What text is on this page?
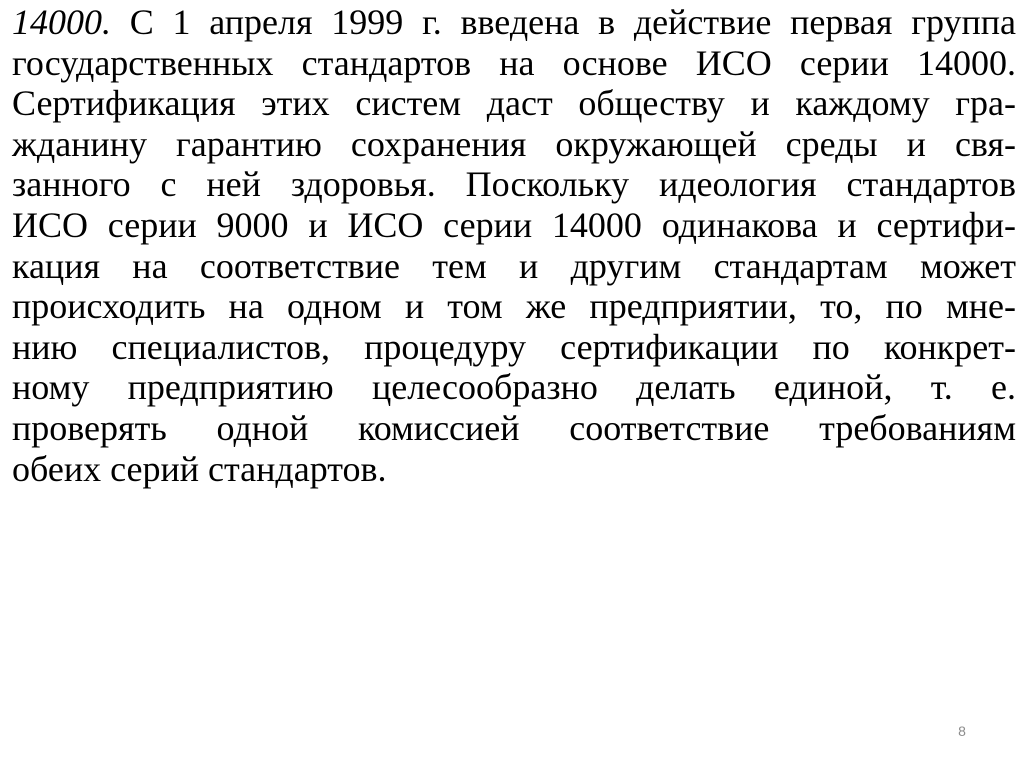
14000. С 1 апреля 1999 г. введена в действие первая группа
государственных стандартов на основе ИСО серии 14000.
Сертификация этих систем даст обществу и каждому гра-
жданину гарантию сохранения окружающей среды и свя-
занного с ней здоровья. Поскольку идеология стандартов
ИСО серии 9000 и ИСО серии 14000 одинакова и сертифи-
кация на соответствие тем и другим стандартам может
происходить на одном и том же предприятии, то, по мне-
нию специалистов, процедуру сертификации по конкрет-
ному предприятию целесообразно делать единой, т. е.
проверять одной комиссией соответствие требованиям
обеих серий стандартов.
8
